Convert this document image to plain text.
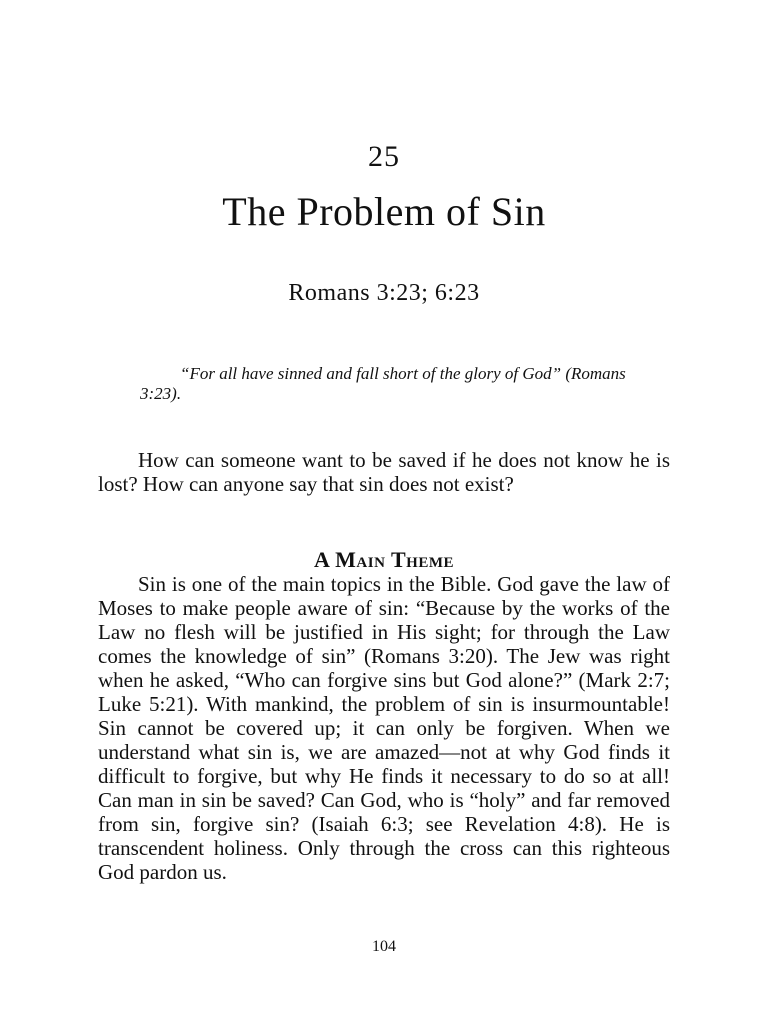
25
The Problem of Sin
Romans 3:23; 6:23

“For all have sinned and fall short of the glory of God” (Romans 3:23).

How can someone want to be saved if he does not know he is lost? How can anyone say that sin does not exist?

A Main Theme

Sin is one of the main topics in the Bible. God gave the law of Moses to make people aware of sin: “Because by the works of the Law no flesh will be justified in His sight; for through the Law comes the knowledge of sin” (Romans 3:20). The Jew was right when he asked, “Who can forgive sins but God alone?” (Mark 2:7; Luke 5:21). With mankind, the problem of sin is insurmountable! Sin cannot be covered up; it can only be forgiven. When we understand what sin is, we are amazed—not at why God finds it difficult to forgive, but why He finds it necessary to do so at all! Can man in sin be saved? Can God, who is “holy” and far removed from sin, forgive sin? (Isaiah 6:3; see Revelation 4:8). He is transcendent holiness. Only through the cross can this righteous God pardon us.

104
